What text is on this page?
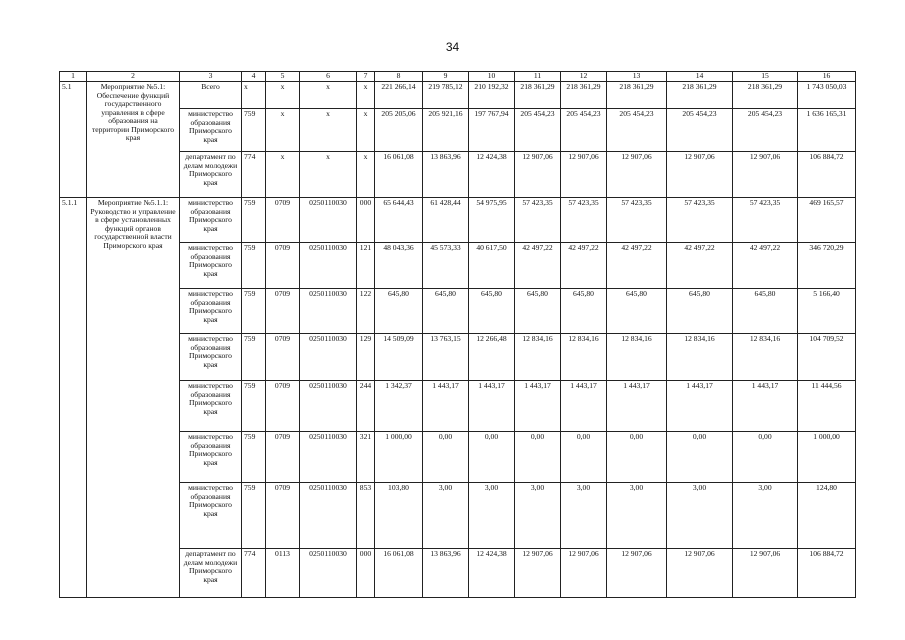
34
1	2	3	4	5	6	7	8	9	10	11	12	13	14	15	16
5.1	Мероприятие №5.1: Обеспечение функций государственного управления в сфере образования на территории Приморского края	Всего	x	x	x	x	221 266,14	219 785,12	210 192,32	218 361,29	218 361,29	218 361,29	218 361,29	218 361,29	1 743 050,03
		министерство образования Приморского края	759	x	x	x	205 205,06	205 921,16	197 767,94	205 454,23	205 454,23	205 454,23	205 454,23	205 454,23	1 636 165,31
		департамент по делам молодежи Приморского края	774	x	x	x	16 061,08	13 863,96	12 424,38	12 907,06	12 907,06	12 907,06	12 907,06	12 907,06	106 884,72
5.1.1	Мероприятие №5.1.1: Руководство и управление в сфере установленных функций органов государственной власти Приморского края	министерство образования Приморского края	759	0709	0250110030	000	65 644,43	61 428,44	54 975,95	57 423,35	57 423,35	57 423,35	57 423,35	57 423,35	469 165,57
		министерство образования Приморского края	759	0709	0250110030	121	48 043,36	45 573,33	40 617,50	42 497,22	42 497,22	42 497,22	42 497,22	42 497,22	346 720,29
		министерство образования Приморского края	759	0709	0250110030	122	645,80	645,80	645,80	645,80	645,80	645,80	645,80	645,80	5 166,40
		министерство образования Приморского края	759	0709	0250110030	129	14 509,09	13 763,15	12 266,48	12 834,16	12 834,16	12 834,16	12 834,16	12 834,16	104 709,52
		министерство образования Приморского края	759	0709	0250110030	244	1 342,37	1 443,17	1 443,17	1 443,17	1 443,17	1 443,17	1 443,17	1 443,17	11 444,56
		министерство образования Приморского края	759	0709	0250110030	321	1 000,00	0,00	0,00	0,00	0,00	0,00	0,00	0,00	1 000,00
		министерство образования Приморского края	759	0709	0250110030	853	103,80	3,00	3,00	3,00	3,00	3,00	3,00	3,00	124,80
		департамент по делам молодежи Приморского края	774	0113	0250110030	000	16 061,08	13 863,96	12 424,38	12 907,06	12 907,06	12 907,06	12 907,06	12 907,06	106 884,72
